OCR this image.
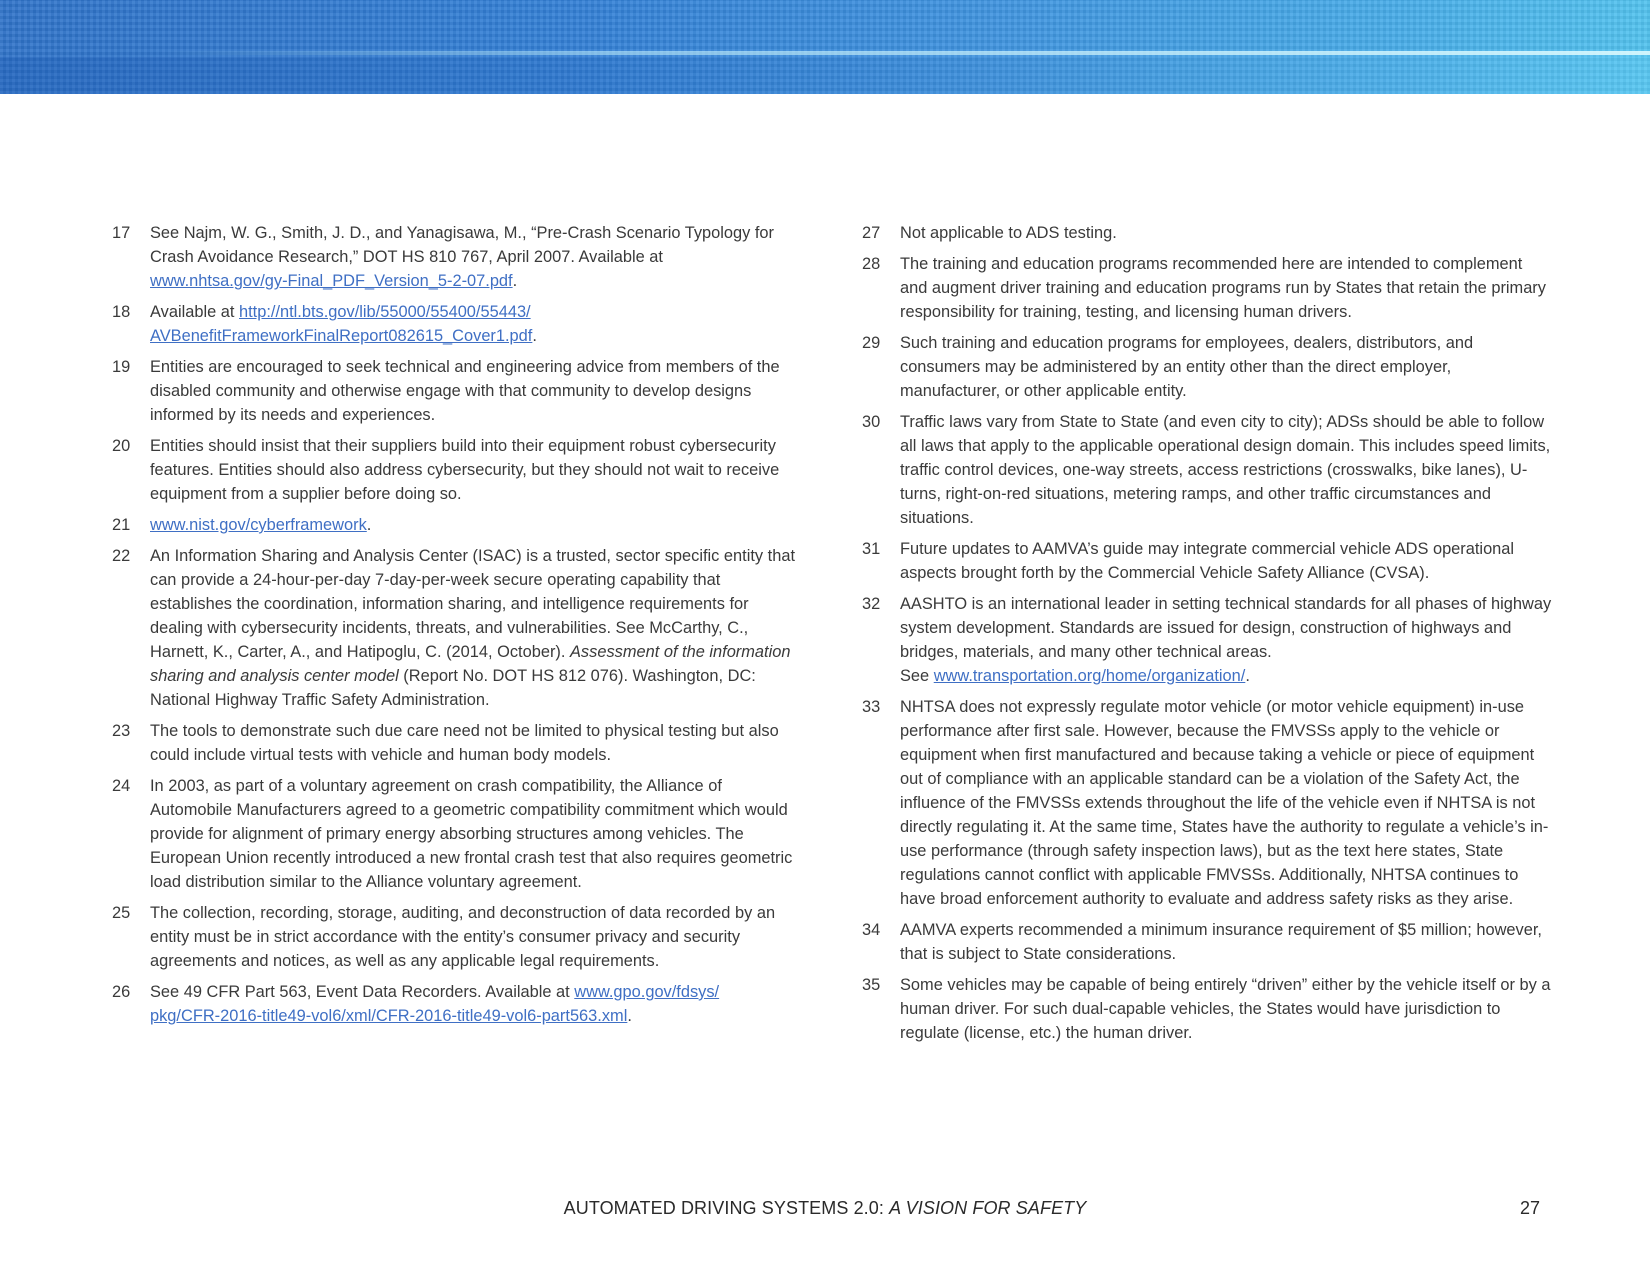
17	See Najm, W. G., Smith, J. D., and Yanagisawa, M., “Pre-Crash Scenario Typology for Crash Avoidance Research,” DOT HS 810 767, April 2007. Available at www.nhtsa.gov/gy-Final_PDF_Version_5-2-07.pdf.
18	Available at http://ntl.bts.gov/lib/55000/55400/55443/
AVBenefitFrameworkFinalReport082615_Cover1.pdf.
19	Entities are encouraged to seek technical and engineering advice from members of the disabled community and otherwise engage with that community to develop designs informed by its needs and experiences.
20	Entities should insist that their suppliers build into their equipment robust cybersecurity features. Entities should also address cybersecurity, but they should not wait to receive equipment from a supplier before doing so.
21	www.nist.gov/cyberframework.
22	An Information Sharing and Analysis Center (ISAC) is a trusted, sector specific entity that can provide a 24-hour-per-day 7-day-per-week secure operating capability that establishes the coordination, information sharing, and intelligence requirements for dealing with cybersecurity incidents, threats, and vulnerabilities. See McCarthy, C., Harnett, K., Carter, A., and Hatipoglu, C. (2014, October). Assessment of the information sharing and analysis center model (Report No. DOT HS 812 076). Washington, DC: National Highway Traffic Safety Administration.
23	The tools to demonstrate such due care need not be limited to physical testing but also could include virtual tests with vehicle and human body models.
24	In 2003, as part of a voluntary agreement on crash compatibility, the Alliance of Automobile Manufacturers agreed to a geometric compatibility commitment which would provide for alignment of primary energy absorbing structures among vehicles. The European Union recently introduced a new frontal crash test that also requires geometric load distribution similar to the Alliance voluntary agreement.
25	The collection, recording, storage, auditing, and deconstruction of data recorded by an entity must be in strict accordance with the entity’s consumer privacy and security agreements and notices, as well as any applicable legal requirements.
26	See 49 CFR Part 563, Event Data Recorders. Available at www.gpo.gov/fdsys/
pkg/CFR-2016-title49-vol6/xml/CFR-2016-title49-vol6-part563.xml.
27	Not applicable to ADS testing.
28	The training and education programs recommended here are intended to complement and augment driver training and education programs run by States that retain the primary responsibility for training, testing, and licensing human drivers.
29	Such training and education programs for employees, dealers, distributors, and consumers may be administered by an entity other than the direct employer, manufacturer, or other applicable entity.
30	Traffic laws vary from State to State (and even city to city); ADSs should be able to follow all laws that apply to the applicable operational design domain. This includes speed limits, traffic control devices, one-way streets, access restrictions (crosswalks, bike lanes), U-turns, right-on-red situations, metering ramps, and other traffic circumstances and situations.
31	Future updates to AAMVA’s guide may integrate commercial vehicle ADS operational aspects brought forth by the Commercial Vehicle Safety Alliance (CVSA).
32	AASHTO is an international leader in setting technical standards for all phases of highway system development. Standards are issued for design, construction of highways and bridges, materials, and many other technical areas.
See www.transportation.org/home/organization/.
33	NHTSA does not expressly regulate motor vehicle (or motor vehicle equipment) in-use performance after first sale. However, because the FMVSSs apply to the vehicle or equipment when first manufactured and because taking a vehicle or piece of equipment out of compliance with an applicable standard can be a violation of the Safety Act, the influence of the FMVSSs extends throughout the life of the vehicle even if NHTSA is not directly regulating it. At the same time, States have the authority to regulate a vehicle’s in-use performance (through safety inspection laws), but as the text here states, State regulations cannot conflict with applicable FMVSSs. Additionally, NHTSA continues to have broad enforcement authority to evaluate and address safety risks as they arise.
34	AAMVA experts recommended a minimum insurance requirement of $5 million; however, that is subject to State considerations.
35	Some vehicles may be capable of being entirely “driven” either by the vehicle itself or by a human driver. For such dual-capable vehicles, the States would have jurisdiction to regulate (license, etc.) the human driver.
AUTOMATED DRIVING SYSTEMS 2.0: A VISION FOR SAFETY	27
